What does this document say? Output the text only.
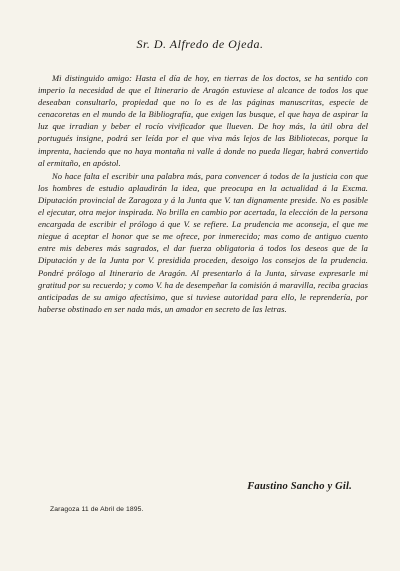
Sr. D. Alfredo de Ojeda.

Mi distinguido amigo: Hasta el día de hoy, en tierras de los doctos, se ha sentido con imperio la necesidad de que el Itinerario de Aragón estuviese al alcance de todos los que deseaban consultarlo, propiedad que no lo es de las páginas manuscritas, especie de cenacoretas en el mundo de la Bibliografía, que exigen las busque, el que haya de aspirar la luz que irradian y beber el rocío vivificador que llueven. De hoy más, la útil obra del portugués insigne, podrá ser leída por el que viva más lejos de las Bibliotecas, porque la imprenta, haciendo que no haya montaña ni valle á donde no pueda llegar, habrá convertido al ermitaño, en apóstol.

No hace falta el escribir una palabra más, para convencer á todos de la justicia con que los hombres de estudio aplaudirán la idea, que preocupa en la actualidad á la Excma. Diputación provincial de Zaragoza y á la Junta que V. tan dignamente preside. No es posible el ejecutar, otra mejor inspirada. No brilla en cambio por acertada, la elección de la persona encargada de escribir el prólogo á que V. se refiere. La prudencia me aconseja, el que me niegue á aceptar el honor que se me ofrece, por inmerecido; mas como de antiguo cuento entre mis deberes más sagrados, el dar fuerza obligatoria á todos los deseos que de la Diputación y de la Junta por V. presidida proceden, desoigo los consejos de la prudencia. Pondré prólogo al Itinerario de Aragón. Al presentarlo á la Junta, sírvase expresarle mi gratitud por su recuerdo; y como V. ha de desempeñar la comisión á maravilla, reciba gracias anticipadas de su amigo afectísimo, que si tuviese autoridad para ello, le reprendería, por haberse obstinado en ser nada más, un amador en secreto de las letras.

Faustino Sancho y Gil.
Zaragoza 11 de Abril de 1895.
